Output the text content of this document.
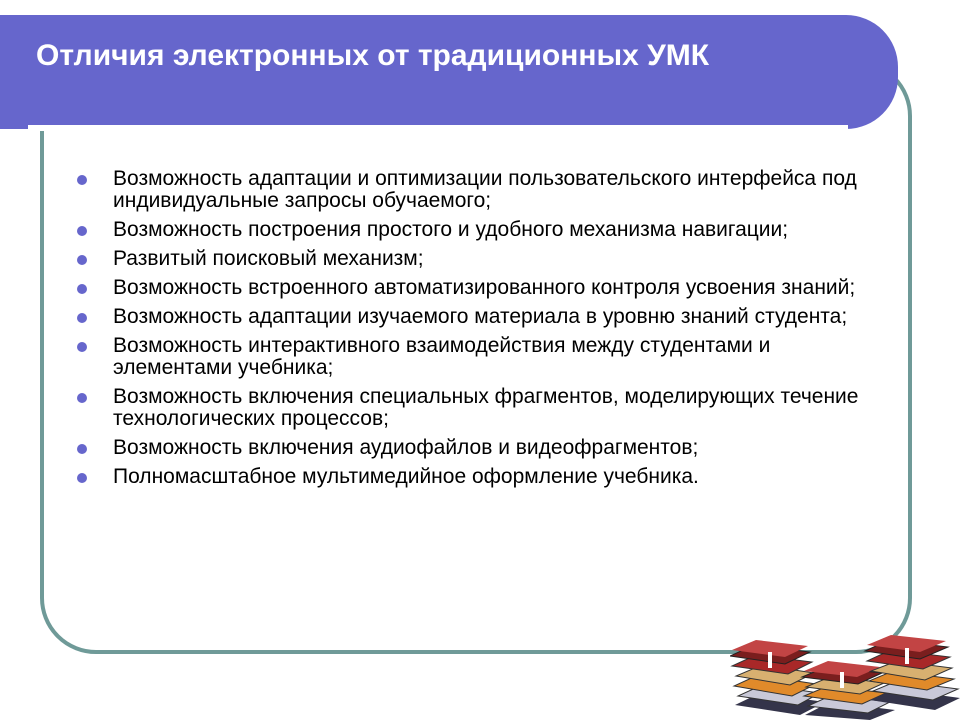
Отличия электронных от традиционных УМК
Возможность адаптации и оптимизации пользовательского интерфейса под индивидуальные запросы обучаемого;
Возможность построения простого и удобного механизма навигации;
Развитый поисковый механизм;
Возможность встроенного автоматизированного контроля усвоения знаний;
Возможность адаптации изучаемого материала в уровню знаний студента;
Возможность интерактивного взаимодействия между студентами и элементами учебника;
Возможность включения специальных фрагментов, моделирующих течение технологических процессов;
Возможность включения аудиофайлов и видеофрагментов;
Полномасштабное мультимедийное оформление учебника.
